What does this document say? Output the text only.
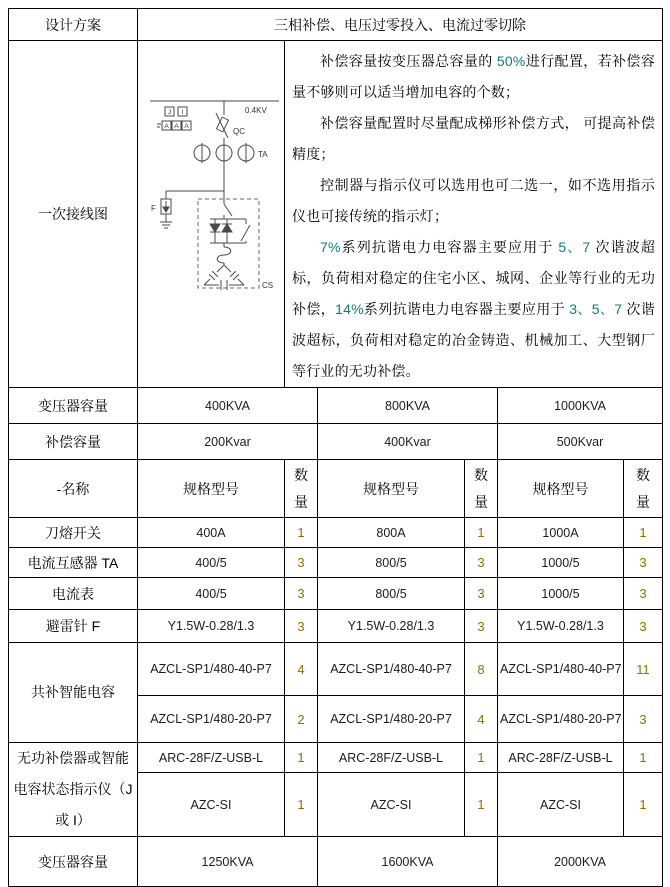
设计方案	三相补偿、电压过零投入、电流过零切除					
一次接线图	
0.4KV
J I
A A A
QC
TA
F
CS

补偿容量按变压器总容量的 50%进行配置，若补偿容量不够则可以适当增加电容的个数；

补偿容量配置时尽量配成梯形补偿方式， 可提高补偿精度；

控制器与指示仪可以选用也可二选一，如不选用指示仪也可接传统的指示灯；

7%系列抗谐电力电容器主要应用于 5、7 次谐波超标，负荷相对稳定的住宅小区、城网、企业等行业的无功补偿，14%系列抗谐电力电容器主要应用于 3、5、7 次谐波超标，负荷相对稳定的冶金铸造、机械加工、大型钢厂等行业的无功补偿。

变压器容量	400KVA		800KVA		1000KVA	
补偿容量	200Kvar		400Kvar		500Kvar	
-名称	规格型号	数量	规格型号	数量	规格型号	数量
刀熔开关	400A	1	800A	1	1000A	1
电流互感器 TA	400/5	3	800/5	3	1000/5	3
电流表	400/5	3	800/5	3	1000/5	3
避雷针 F	Y1.5W-0.28/1.3	3	Y1.5W-0.28/1.3	3	Y1.5W-0.28/1.3	3
共补智能电容	AZCL-SP1/480-40-P7	4	AZCL-SP1/480-40-P7	8	AZCL-SP1/480-40-P7	11
	AZCL-SP1/480-20-P7	2	AZCL-SP1/480-20-P7	4	AZCL-SP1/480-20-P7	3
无功补偿器或智能电容状态指示仪（J 或 I）	ARC-28F/Z-USB-L	1	ARC-28F/Z-USB-L	1	ARC-28F/Z-USB-L	1
	AZC-SI	1	AZC-SI	1	AZC-SI	1
变压器容量	1250KVA		1600KVA		2000KVA	
